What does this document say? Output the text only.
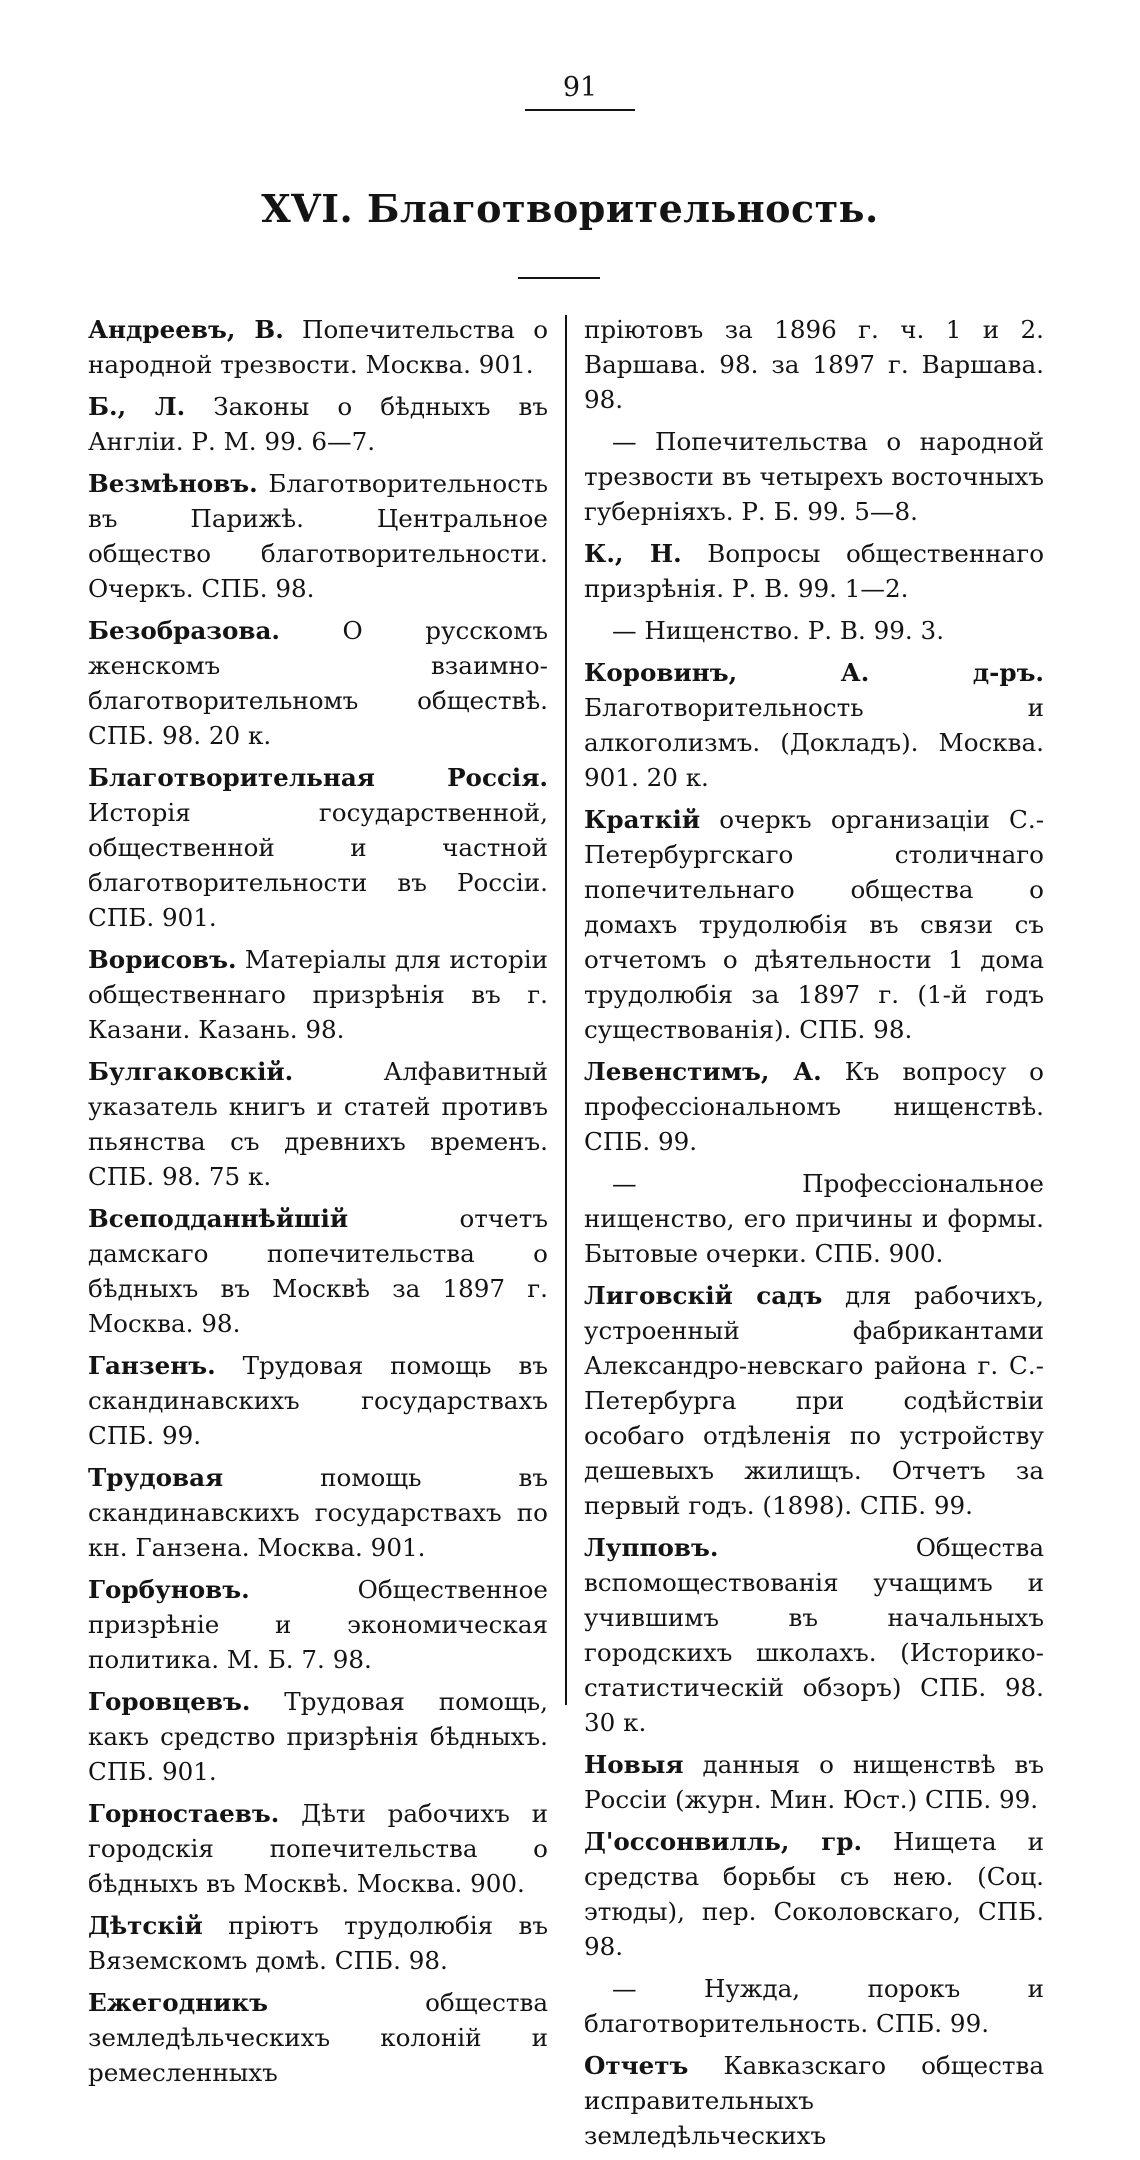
91
XVI. Благотворительность.

Андреевъ, В. Попечительства о народной трезвости. Москва. 901.

Б., Л. Законы о бѣдныхъ въ Англіи. Р. М. 99. 6—7.

Везмѣновъ. Благотворительность въ Парижѣ. Центральное общество благотворительности. Очеркъ. СПБ. 98.

Безобразова. О русскомъ женскомъ взаимно-благотворительномъ обществѣ. СПБ. 98. 20 к.

Благотворительная Россія. Исторія государственной, общественной и частной благотворительности въ Россіи. СПБ. 901.

Ворисовъ. Матеріалы для исторіи общественнаго призрѣнія въ г. Казани. Казань. 98.

Булгаковскій. Алфавитный указатель книгъ и статей противъ пьянства съ древнихъ временъ. СПБ. 98. 75 к.

Всеподданнѣйшій отчетъ дамскаго попечительства о бѣдныхъ въ Москвѣ за 1897 г. Москва. 98.

Ганзенъ. Трудовая помощь въ скандинавскихъ государствахъ СПБ. 99.

Трудовая помощь въ скандинавскихъ государствахъ по кн. Ганзена. Москва. 901.

Горбуновъ. Общественное призрѣніе и экономическая политика. М. Б. 7. 98.

Горовцевъ. Трудовая помощь, какъ средство призрѣнія бѣдныхъ. СПБ. 901.

Горностаевъ. Дѣти рабочихъ и городскія попечительства о бѣдныхъ въ Москвѣ. Москва. 900.

Дѣтскій пріютъ трудолюбія въ Вяземскомъ домѣ. СПБ. 98.

Ежегодникъ общества земледѣльческихъ колоній и ремесленныхъ

пріютовъ за 1896 г. ч. 1 и 2. Варшава. 98. за 1897 г. Варшава. 98.

— Попечительства о народной трезвости въ четырехъ восточныхъ губерніяхъ. Р. Б. 99. 5—8.

К., Н. Вопросы общественнаго призрѣнія. Р. В. 99. 1—2.

— Нищенство. Р. В. 99. 3.

Коровинъ, А. д-ръ. Благотворительность и алкоголизмъ. (Докладъ). Москва. 901. 20 к.

Краткій очеркъ организаціи С.-Петербургскаго столичнаго попечительнаго общества о домахъ трудолюбія въ связи съ отчетомъ о дѣятельности 1 дома трудолюбія за 1897 г. (1-й годъ существованія). СПБ. 98.

Левенстимъ, А. Къ вопросу о профессіональномъ нищенствѣ. СПБ. 99.

— Профессіональное нищенство, его причины и формы. Бытовые очерки. СПБ. 900.

Лиговскій садъ для рабочихъ, устроенный фабрикантами Александро-невскаго района г. С.-Петербурга при содѣйствіи особаго отдѣленія по устройству дешевыхъ жилищъ. Отчетъ за первый годъ. (1898). СПБ. 99.

Лупповъ. Общества вспомоществованія учащимъ и учившимъ въ начальныхъ городскихъ школахъ. (Историко-статистическій обзоръ) СПБ. 98. 30 к.

Новыя данныя о нищенствѣ въ Россіи (журн. Мин. Юст.) СПБ. 99.

Д'оссонвилль, гр. Нищета и средства борьбы съ нею. (Соц. этюды), пер. Соколовскаго, СПБ. 98.

— Нужда, порокъ и благотворительность. СПБ. 99.

Отчетъ Кавказскаго общества исправительныхъ земледѣльческихъ
